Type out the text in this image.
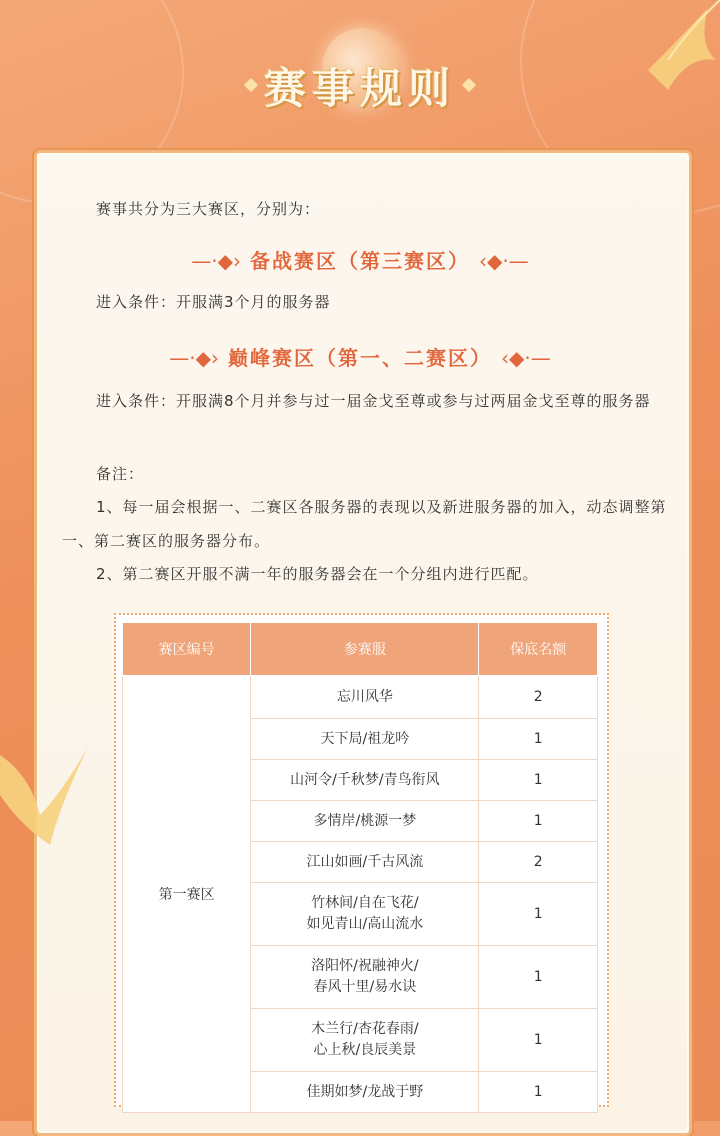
赛事规则
赛事共分为三大赛区，分别为：
—·◆› 备战赛区（第三赛区） ‹◆·—
进入条件：开服满3个月的服务器
—·◆› 巅峰赛区（第一、二赛区） ‹◆·—
进入条件：开服满8个月并参与过一届金戈至尊或参与过两届金戈至尊的服务器
备注：
1、每一届会根据一、二赛区各服务器的表现以及新进服务器的加入，动态调整第一、第二赛区的服务器分布。
2、第二赛区开服不满一年的服务器会在一个分组内进行匹配。
赛区编号	参赛服	保底名额
第一赛区	忘川风华	2

	天下局/祖龙吟	1

	山河令/千秋梦/青鸟衔风	1

	多情岸/桃源一梦	1

	江山如画/千古风流	2

	竹林间/自在飞花/
如见青山/高山流水	1

	洛阳怀/祝融神火/
春风十里/易水诀	1

	木兰行/杏花春雨/
心上秋/良辰美景	1

	佳期如梦/龙战于野	1
